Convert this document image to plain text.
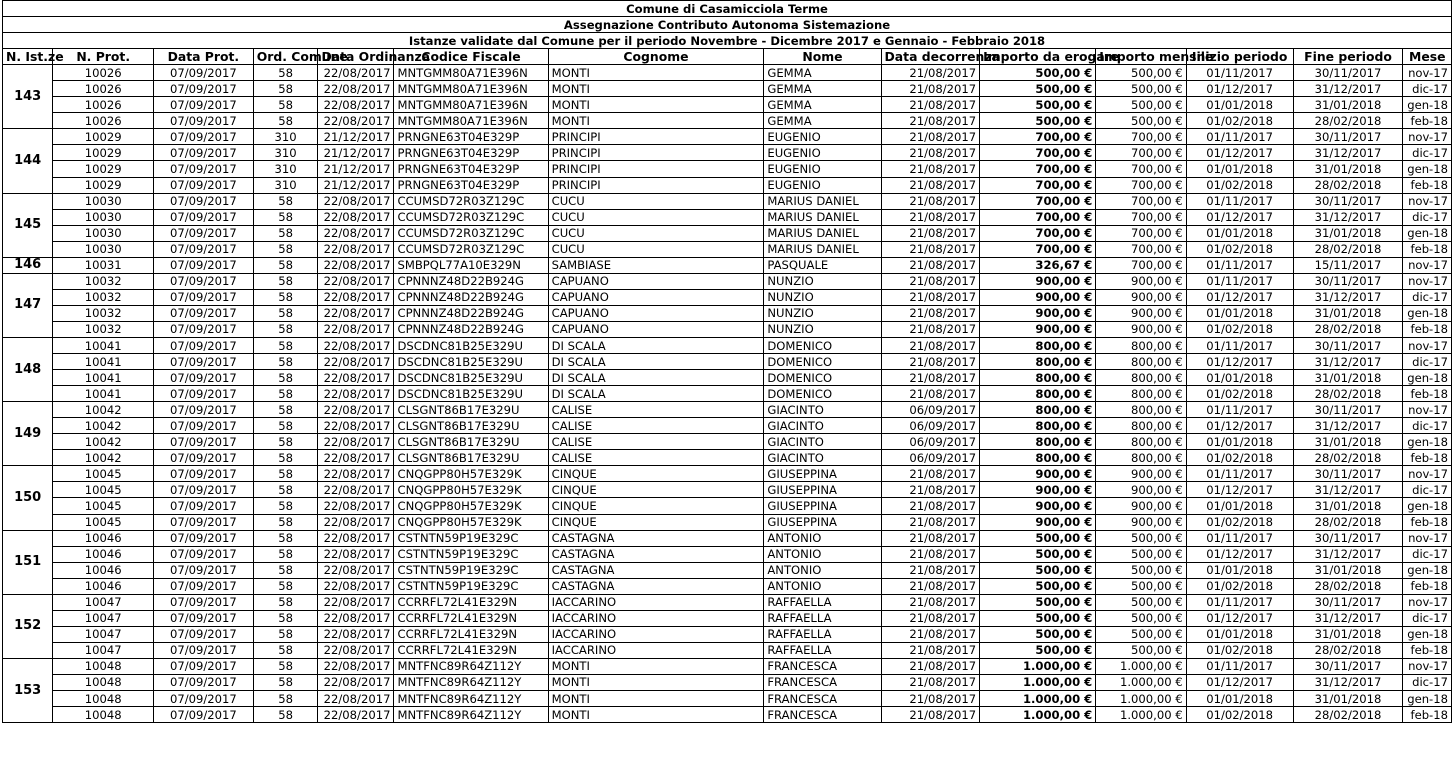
Comune di Casamicciola Terme													
Assegnazione Contributo Autonoma Sistemazione													
Istanze validate dal Comune per il periodo Novembre - Dicembre 2017 e Gennaio - Febbraio 2018													
N. Ist.ze	N. Prot.	Data Prot.	Ord. Comune	Data Ordinanza	Codice Fiscale	Cognome	Nome	Data decorrenza	Importo da erogare	Importo mensile	Inizio periodo	Fine periodo	Mese
143	10026	07/09/2017	58	22/08/2017	MNTGMM80A71E396N	MONTI	GEMMA	21/08/2017	500,00 €	500,00 €	01/11/2017	30/11/2017	nov-17
	10026	07/09/2017	58	22/08/2017	MNTGMM80A71E396N	MONTI	GEMMA	21/08/2017	500,00 €	500,00 €	01/12/2017	31/12/2017	dic-17
	10026	07/09/2017	58	22/08/2017	MNTGMM80A71E396N	MONTI	GEMMA	21/08/2017	500,00 €	500,00 €	01/01/2018	31/01/2018	gen-18
	10026	07/09/2017	58	22/08/2017	MNTGMM80A71E396N	MONTI	GEMMA	21/08/2017	500,00 €	500,00 €	01/02/2018	28/02/2018	feb-18
144	10029	07/09/2017	310	21/12/2017	PRNGNE63T04E329P	PRINCIPI	EUGENIO	21/08/2017	700,00 €	700,00 €	01/11/2017	30/11/2017	nov-17
	10029	07/09/2017	310	21/12/2017	PRNGNE63T04E329P	PRINCIPI	EUGENIO	21/08/2017	700,00 €	700,00 €	01/12/2017	31/12/2017	dic-17
	10029	07/09/2017	310	21/12/2017	PRNGNE63T04E329P	PRINCIPI	EUGENIO	21/08/2017	700,00 €	700,00 €	01/01/2018	31/01/2018	gen-18
	10029	07/09/2017	310	21/12/2017	PRNGNE63T04E329P	PRINCIPI	EUGENIO	21/08/2017	700,00 €	700,00 €	01/02/2018	28/02/2018	feb-18
145	10030	07/09/2017	58	22/08/2017	CCUMSD72R03Z129C	CUCU	MARIUS DANIEL	21/08/2017	700,00 €	700,00 €	01/11/2017	30/11/2017	nov-17
	10030	07/09/2017	58	22/08/2017	CCUMSD72R03Z129C	CUCU	MARIUS DANIEL	21/08/2017	700,00 €	700,00 €	01/12/2017	31/12/2017	dic-17
	10030	07/09/2017	58	22/08/2017	CCUMSD72R03Z129C	CUCU	MARIUS DANIEL	21/08/2017	700,00 €	700,00 €	01/01/2018	31/01/2018	gen-18
	10030	07/09/2017	58	22/08/2017	CCUMSD72R03Z129C	CUCU	MARIUS DANIEL	21/08/2017	700,00 €	700,00 €	01/02/2018	28/02/2018	feb-18
146	10031	07/09/2017	58	22/08/2017	SMBPQL77A10E329N	SAMBIASE	PASQUALE	21/08/2017	326,67 €	700,00 €	01/11/2017	15/11/2017	nov-17
147	10032	07/09/2017	58	22/08/2017	CPNNNZ48D22B924G	CAPUANO	NUNZIO	21/08/2017	900,00 €	900,00 €	01/11/2017	30/11/2017	nov-17
	10032	07/09/2017	58	22/08/2017	CPNNNZ48D22B924G	CAPUANO	NUNZIO	21/08/2017	900,00 €	900,00 €	01/12/2017	31/12/2017	dic-17
	10032	07/09/2017	58	22/08/2017	CPNNNZ48D22B924G	CAPUANO	NUNZIO	21/08/2017	900,00 €	900,00 €	01/01/2018	31/01/2018	gen-18
	10032	07/09/2017	58	22/08/2017	CPNNNZ48D22B924G	CAPUANO	NUNZIO	21/08/2017	900,00 €	900,00 €	01/02/2018	28/02/2018	feb-18
148	10041	07/09/2017	58	22/08/2017	DSCDNC81B25E329U	DI SCALA	DOMENICO	21/08/2017	800,00 €	800,00 €	01/11/2017	30/11/2017	nov-17
	10041	07/09/2017	58	22/08/2017	DSCDNC81B25E329U	DI SCALA	DOMENICO	21/08/2017	800,00 €	800,00 €	01/12/2017	31/12/2017	dic-17
	10041	07/09/2017	58	22/08/2017	DSCDNC81B25E329U	DI SCALA	DOMENICO	21/08/2017	800,00 €	800,00 €	01/01/2018	31/01/2018	gen-18
	10041	07/09/2017	58	22/08/2017	DSCDNC81B25E329U	DI SCALA	DOMENICO	21/08/2017	800,00 €	800,00 €	01/02/2018	28/02/2018	feb-18
149	10042	07/09/2017	58	22/08/2017	CLSGNT86B17E329U	CALISE	GIACINTO	06/09/2017	800,00 €	800,00 €	01/11/2017	30/11/2017	nov-17
	10042	07/09/2017	58	22/08/2017	CLSGNT86B17E329U	CALISE	GIACINTO	06/09/2017	800,00 €	800,00 €	01/12/2017	31/12/2017	dic-17
	10042	07/09/2017	58	22/08/2017	CLSGNT86B17E329U	CALISE	GIACINTO	06/09/2017	800,00 €	800,00 €	01/01/2018	31/01/2018	gen-18
	10042	07/09/2017	58	22/08/2017	CLSGNT86B17E329U	CALISE	GIACINTO	06/09/2017	800,00 €	800,00 €	01/02/2018	28/02/2018	feb-18
150	10045	07/09/2017	58	22/08/2017	CNQGPP80H57E329K	CINQUE	GIUSEPPINA	21/08/2017	900,00 €	900,00 €	01/11/2017	30/11/2017	nov-17
	10045	07/09/2017	58	22/08/2017	CNQGPP80H57E329K	CINQUE	GIUSEPPINA	21/08/2017	900,00 €	900,00 €	01/12/2017	31/12/2017	dic-17
	10045	07/09/2017	58	22/08/2017	CNQGPP80H57E329K	CINQUE	GIUSEPPINA	21/08/2017	900,00 €	900,00 €	01/01/2018	31/01/2018	gen-18
	10045	07/09/2017	58	22/08/2017	CNQGPP80H57E329K	CINQUE	GIUSEPPINA	21/08/2017	900,00 €	900,00 €	01/02/2018	28/02/2018	feb-18
151	10046	07/09/2017	58	22/08/2017	CSTNTN59P19E329C	CASTAGNA	ANTONIO	21/08/2017	500,00 €	500,00 €	01/11/2017	30/11/2017	nov-17
	10046	07/09/2017	58	22/08/2017	CSTNTN59P19E329C	CASTAGNA	ANTONIO	21/08/2017	500,00 €	500,00 €	01/12/2017	31/12/2017	dic-17
	10046	07/09/2017	58	22/08/2017	CSTNTN59P19E329C	CASTAGNA	ANTONIO	21/08/2017	500,00 €	500,00 €	01/01/2018	31/01/2018	gen-18
	10046	07/09/2017	58	22/08/2017	CSTNTN59P19E329C	CASTAGNA	ANTONIO	21/08/2017	500,00 €	500,00 €	01/02/2018	28/02/2018	feb-18
152	10047	07/09/2017	58	22/08/2017	CCRRFL72L41E329N	IACCARINO	RAFFAELLA	21/08/2017	500,00 €	500,00 €	01/11/2017	30/11/2017	nov-17
	10047	07/09/2017	58	22/08/2017	CCRRFL72L41E329N	IACCARINO	RAFFAELLA	21/08/2017	500,00 €	500,00 €	01/12/2017	31/12/2017	dic-17
	10047	07/09/2017	58	22/08/2017	CCRRFL72L41E329N	IACCARINO	RAFFAELLA	21/08/2017	500,00 €	500,00 €	01/01/2018	31/01/2018	gen-18
	10047	07/09/2017	58	22/08/2017	CCRRFL72L41E329N	IACCARINO	RAFFAELLA	21/08/2017	500,00 €	500,00 €	01/02/2018	28/02/2018	feb-18
153	10048	07/09/2017	58	22/08/2017	MNTFNC89R64Z112Y	MONTI	FRANCESCA	21/08/2017	1.000,00 €	1.000,00 €	01/11/2017	30/11/2017	nov-17
	10048	07/09/2017	58	22/08/2017	MNTFNC89R64Z112Y	MONTI	FRANCESCA	21/08/2017	1.000,00 €	1.000,00 €	01/12/2017	31/12/2017	dic-17
	10048	07/09/2017	58	22/08/2017	MNTFNC89R64Z112Y	MONTI	FRANCESCA	21/08/2017	1.000,00 €	1.000,00 €	01/01/2018	31/01/2018	gen-18
	10048	07/09/2017	58	22/08/2017	MNTFNC89R64Z112Y	MONTI	FRANCESCA	21/08/2017	1.000,00 €	1.000,00 €	01/02/2018	28/02/2018	feb-18
